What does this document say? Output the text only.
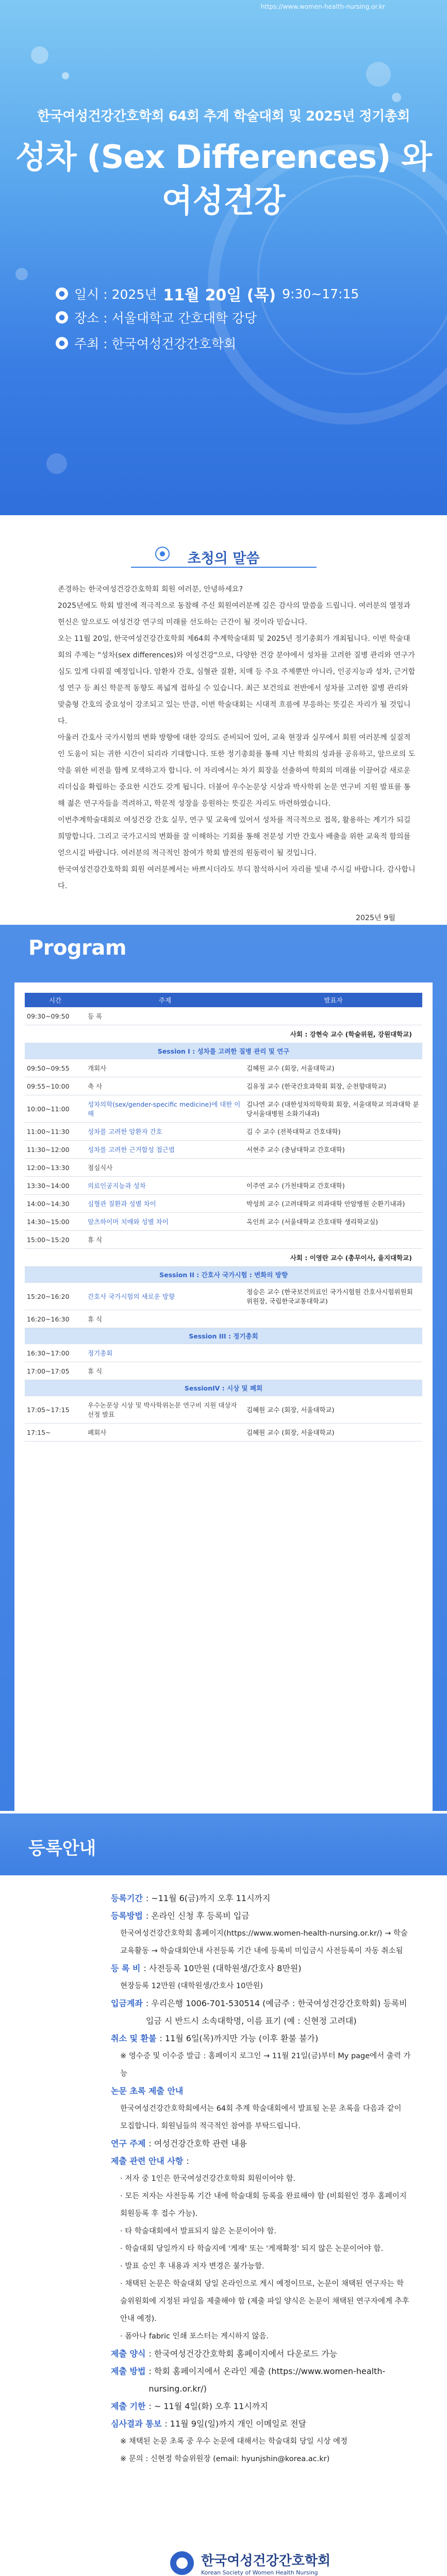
https://www.women-health-nursing.or.kr
한국여성건강간호학회 64회 추계 학술대회 및 2025년 정기총회
성차 (Sex Differences) 와
여성건강
● 일시 : 2025년 11월 20일 (목) 9:30~17:15
● 장소 : 서울대학교 간호대학 강당
● 주최 : 한국여성건강간호학회
초청의 말씀

존경하는 한국여성건강간호학회 회원 여러분, 안녕하세요?

2025년에도 학회 발전에 적극적으로 동참해 주신 회원여러분께 깊은 감사의 말씀을 드립니다. 여러분의 열정과 헌신은 앞으로도 여성건강 연구의 미래를 선도하는 근간이 될 것이라 믿습니다.

오는 11월 20일, 한국여성건강간호학회 제64회 추계학술대회 및 2025년 정기총회가 개최됩니다. 이번 학술대회의 주제는 "성차(sex differences)와 여성건강"으로, 다양한 건강 분야에서 성차를 고려한 질병 관리와 연구가 심도 있게 다뤄질 예정입니다. 암환자 간호, 심혈관 질환, 치매 등 주요 주제뿐만 아니라, 인공지능과 성차, 근거합성 연구 등 최신 학문적 동향도 폭넓게 접하실 수 있습니다. 최근 보건의료 전반에서 성차를 고려한 질병 관리와 맞춤형 간호의 중요성이 강조되고 있는 만큼, 이번 학술대회는 시대적 흐름에 부응하는 뜻깊은 자리가 될 것입니다.

아울러 간호사 국가시험의 변화 방향에 대한 강의도 준비되어 있어, 교육 현장과 실무에서 회원 여러분께 실질적인 도움이 되는 귀한 시간이 되리라 기대합니다. 또한 정기총회를 통해 지난 학회의 성과를 공유하고, 앞으로의 도약을 위한 비전을 함께 모색하고자 합니다. 이 자리에서는 차기 회장을 선출하여 학회의 미래를 이끌어갈 새로운 리더십을 확립하는 중요한 시간도 갖게 됩니다. 더불어 우수논문상 시상과 박사학위 논문 연구비 지원 발표를 통해 젊은 연구자들을 격려하고, 학문적 성장을 응원하는 뜻깊은 자리도 마련하였습니다.

이번추계학술대회로 여성건강 간호 실무, 연구 및 교육에 있어서 성차를 적극적으로 접목, 활용하는 계기가 되길 희망합니다. 그리고 국가고시의 변화를 잘 이해하는 기회를 통해 전문성 기반 간호사 배출을 위한 교육적 함의를 얻으시길 바랍니다. 여러분의 적극적인 참여가 학회 발전의 원동력이 될 것입니다.

한국여성건강간호학회 회원 여러분께서는 바쁘시더라도 부디 참석하시어 자리를 빛내 주시길 바랍니다. 감사합니다.

2025년 9월

Program
시간	주제	발표자
09:30~09:50	등 록	
사회 : 강현숙 교수 (학술위원, 강원대학교)		
Session I : 성차를 고려한 질병 관리 및 연구		
09:50~09:55	개회사	김혜원 교수 (회장, 서울대학교)
09:55~10:00	축 사	김유정 교수 (한국간호과학회 회장, 순천향대학교)
10:00~11:00	성차의학(sex/gender-specific medicine)에 대한 이해	김나연 교수 (대한성차의학학회 회장, 서울대학교 의과대학 분당서울대병원 소화기내과)
11:00~11:30	성차를 고려한 암환자 간호	김 수 교수 (전북대학교 간호대학)
11:30~12:00	성차를 고려한 근거합성 접근법	서현주 교수 (충남대학교 간호대학)
12:00~13:30	점심식사	
13:30~14:00	의료인공지능과 성차	이주연 교수 (가천대학교 간호대학)
14:00~14:30	심혈관 질환과 성별 차이	박성희 교수 (고려대학교 의과대학 안암병원 순환기내과)
14:30~15:00	알츠하이머 치매와 성별 차이	옥인희 교수 (서울대학교 간호대학 생리학교실)
15:00~15:20	휴 식	
사회 : 이영란 교수 (총무이사, 을지대학교)		
Session II : 간호사 국가시험 : 변화의 방향		
15:20~16:20	간호사 국가시험의 새로운 방향	정승은 교수 (한국보건의료인 국가시험원 간호사시험위원회 위원장, 국립한국교통대학교)
16:20~16:30	휴 식	
Session III : 정기총회		
16:30~17:00	정기총회	
17:00~17:05	휴 식	
SessionIV : 시상 및 폐회		
17:05~17:15	우수논문상 시상 및 박사학위논문 연구비 지원 대상자 선정 발표	김혜원 교수 (회장, 서울대학교)
17:15~	폐회사	김혜원 교수 (회장, 서울대학교)
등록안내
등록기간 : ~11월 6(금)까지 오후 11시까지
등록방법 : 온라인 신청 후 등록비 입금
한국여성건강간호학회 홈페이지(https://www.women-health-nursing.or.kr/) → 학술교육활동 → 학술대회안내 사전등록 기간 내에 등록비 미입금시 사전등록이 자동 취소됨
등 록 비 : 사전등록 10만원 (대학원생/간호사 8만원)
현장등록 12만원 (대학원생/간호사 10만원)
입금계좌 : 우리은행 1006-701-530514 (예금주 : 한국여성건강간호학회) 등록비 입금 시 반드시 소속대학명, 이름 표기 (예 : 신현정 고려대)
취소 및 환불 : 11월 6일(목)까지만 가능 (이후 환불 불가)
※ 영수증 및 이수증 발급 : 홈페이지 로그인 → 11월 21일(금)부터 My page에서 출력 가능
논문 초록 제출 안내
한국여성건강간호학회에서는 64회 추계 학술대회에서 발표될 논문 초록을 다음과 같이 모집합니다. 회원님들의 적극적인 참여를 부탁드립니다.
연구 주제 : 여성건강간호학 관련 내용
제출 관련 안내 사항 :
· 저자 중 1인은 한국여성건강간호학회 회원이어야 함.
· 모든 저자는 사전등록 기간 내에 학술대회 등록을 완료해야 함 (비회원인 경우 홈페이지 회원등록 후 접수 가능).
· 타 학술대회에서 발표되지 않은 논문이어야 함.
· 학술대회 당일까지 타 학술지에 '게재' 또는 '게재확정' 되지 않은 논문이어야 함.
· 발표 승인 후 내용과 저자 변경은 불가능함.
· 채택된 논문은 학술대회 당일 온라인으로 게시 예정이므로, 논문이 채택된 연구자는 학술위원회에 지정된 파일을 제출해야 함 (제출 파일 양식은 논문이 채택된 연구자에게 추후 안내 예정).
· 폼아나 fabric 인쇄 포스터는 게시하지 않음.
제출 양식 : 한국여성건강간호학회 홈페이지에서 다운로드 가능
제출 방법 : 학회 홈페이지에서 온라인 제출 (https://www.women-health-nursing.or.kr/)
제출 기한 : ~ 11월 4일(화) 오후 11시까지
심사결과 통보 : 11월 9일(일)까지 개인 이메일로 전달
※ 채택된 논문 초록 중 우수 논문에 대해서는 학술대회 당일 시상 예정
※ 문의 : 신현정 학술위원장 (email: hyunjshin@korea.ac.kr)
한국여성건강간호학회
Korean Society of Women Health Nursing
